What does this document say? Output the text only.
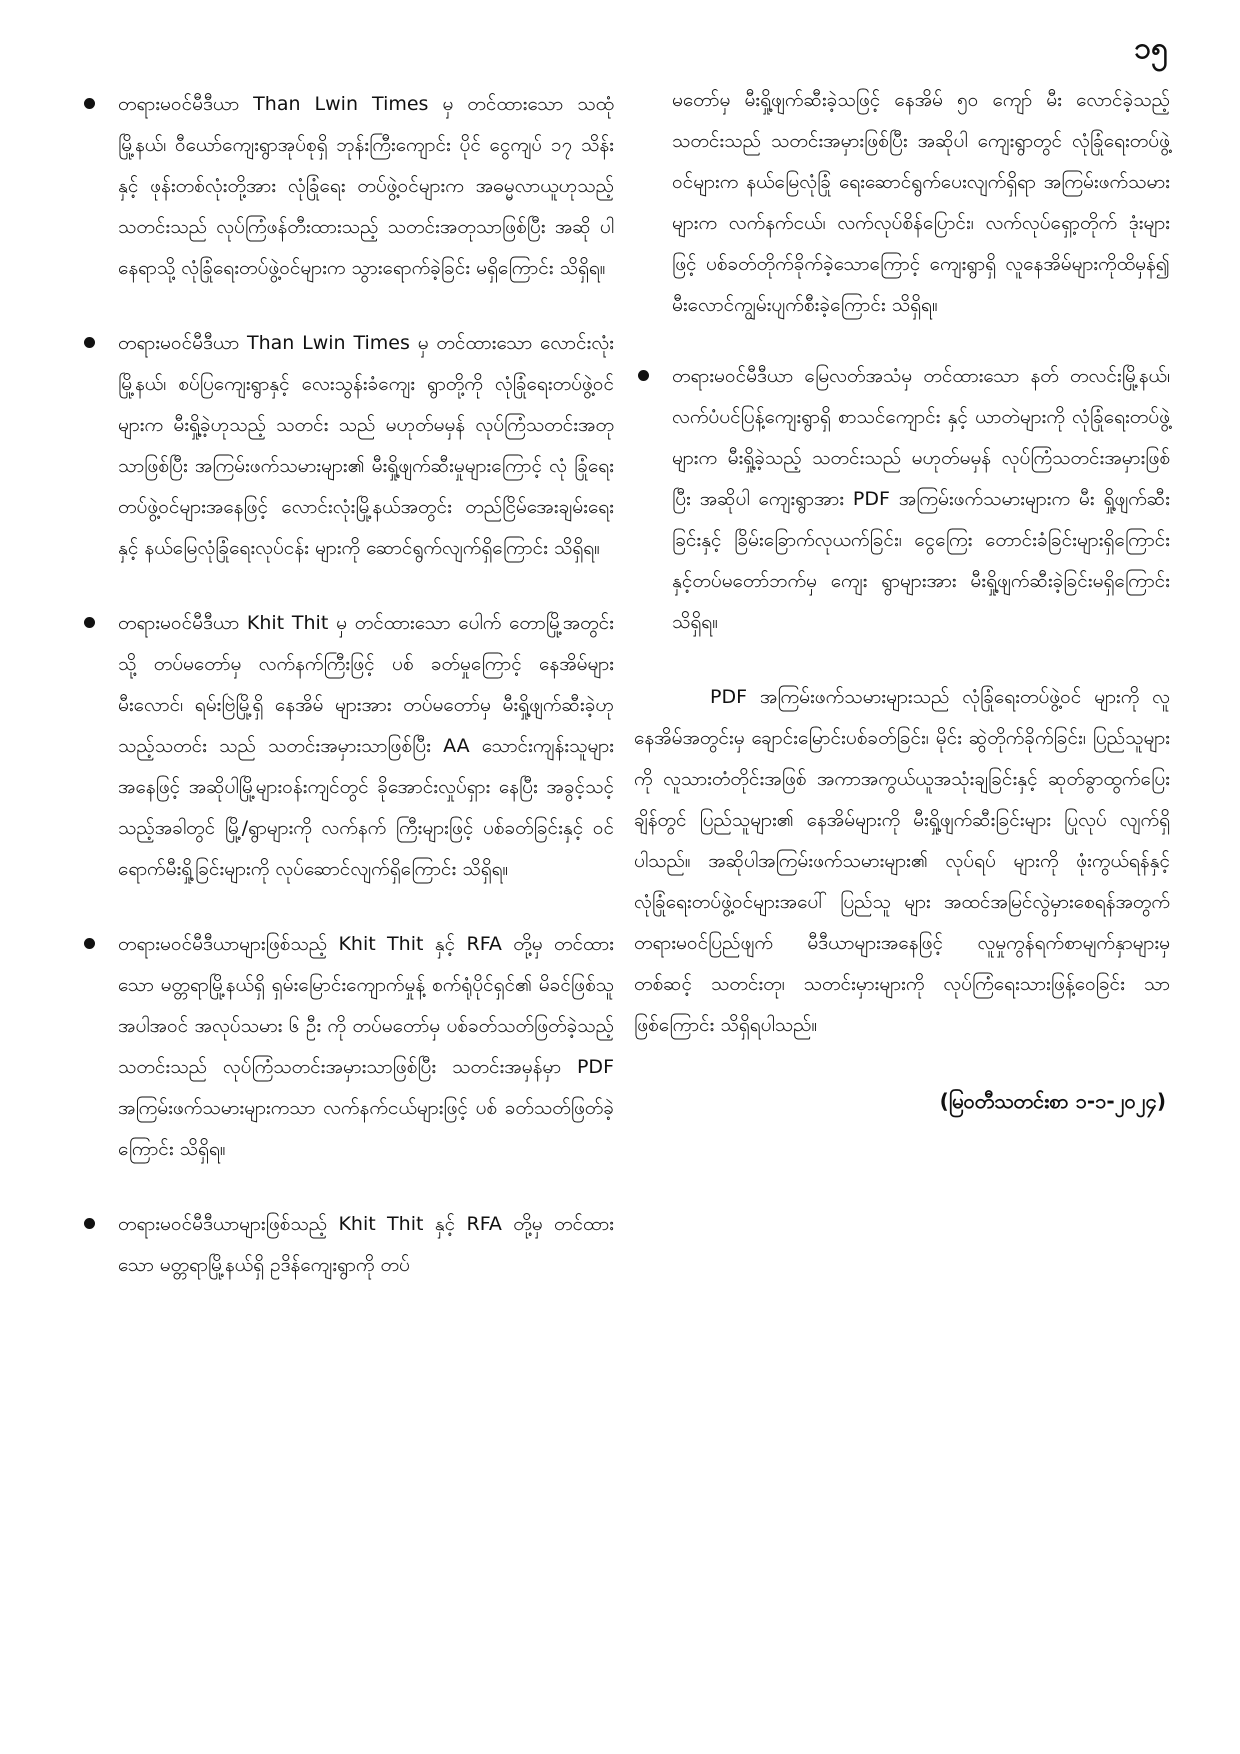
၁၅

တရားမဝင်မီဒီယာ Than Lwin Times မှ တင်ထားသော သထုံမြို့နယ်၊ ဝီယော်ကျေးရွာအုပ်စုရှိ ဘုန်းကြီးကျောင်း ပိုင် ငွေကျပ် ၁၇ သိန်းနှင့် ဖုန်းတစ်လုံးတို့အား လုံခြုံရေး တပ်ဖွဲ့ဝင်များက အဓမ္မလာယူဟုသည့် သတင်းသည် လုပ်ကြံဖန်တီးထားသည့် သတင်းအတုသာဖြစ်ပြီး အဆို ပါနေရာသို့ လုံခြုံရေးတပ်ဖွဲ့ဝင်များက သွားရောက်ခဲ့ခြင်း မရှိကြောင်း သိရှိရ။

တရားမဝင်မီဒီယာ Than Lwin Times မှ တင်ထားသော လောင်းလုံးမြို့နယ်၊ စပ်ပြကျေးရွာနှင့် လေးသွန်းခံကျေး ရွာတို့ကို လုံခြုံရေးတပ်ဖွဲ့ဝင်များက မီးရှို့ခဲ့ဟုသည့် သတင်း သည် မဟုတ်မမှန် လုပ်ကြံသတင်းအတုသာဖြစ်ပြီး အကြမ်းဖက်သမားများ၏ မီးရှို့ဖျက်ဆီးမှုများကြောင့် လုံ ခြုံရေးတပ်ဖွဲ့ဝင်များအနေဖြင့် လောင်းလုံးမြို့နယ်အတွင်း တည်ငြိမ်အေးချမ်းရေးနှင့် နယ်မြေလုံခြုံရေးလုပ်ငန်း များကို ဆောင်ရွက်လျက်ရှိကြောင်း သိရှိရ။

တရားမဝင်မီဒီယာ Khit Thit မှ တင်ထားသော ပေါက် တောမြို့အတွင်းသို့ တပ်မတော်မှ လက်နက်ကြီးဖြင့် ပစ် ခတ်မှုကြောင့် နေအိမ်များမီးလောင်၊ ရမ်းဗြဲမြို့ရှိ နေအိမ် များအား တပ်မတော်မှ မီးရှို့ဖျက်ဆီးခဲ့ဟုသည့်သတင်း သည် သတင်းအမှားသာဖြစ်ပြီး AA သောင်းကျန်းသူများ အနေဖြင့် အဆိုပါမြို့များဝန်းကျင်တွင် ခိုအောင်းလှုပ်ရှား နေပြီး အခွင့်သင့်သည့်အခါတွင် မြို့/ရွာများကို လက်နက် ကြီးများဖြင့် ပစ်ခတ်ခြင်းနှင့် ဝင်ရောက်မီးရှို့ခြင်းများကို လုပ်ဆောင်လျက်ရှိကြောင်း သိရှိရ။

တရားမဝင်မီဒီယာများဖြစ်သည့် Khit Thit နှင့် RFA တို့မှ တင်ထားသော မတ္တရာမြို့နယ်ရှိ ရှမ်းမြောင်းကျောက်မှုန့် စက်ရုံပိုင်ရှင်၏ မိခင်ဖြစ်သူအပါအဝင် အလုပ်သမား ၆ ဦး ကို တပ်မတော်မှ ပစ်ခတ်သတ်ဖြတ်ခဲ့သည့်သတင်းသည် လုပ်ကြံသတင်းအမှားသာဖြစ်ပြီး သတင်းအမှန်မှာ PDF အကြမ်းဖက်သမားများကသာ လက်နက်ငယ်များဖြင့် ပစ် ခတ်သတ်ဖြတ်ခဲ့ကြောင်း သိရှိရ။

တရားမဝင်မီဒီယာများဖြစ်သည့် Khit Thit နှင့် RFA တို့မှ တင်ထားသော မတ္တရာမြို့နယ်ရှိ ဥဒိန်ကျေးရွာကို တပ်

မတော်မှ မီးရှို့ဖျက်ဆီးခဲ့သဖြင့် နေအိမ် ၅၀ ကျော် မီး လောင်ခဲ့သည့်သတင်းသည် သတင်းအမှားဖြစ်ပြီး အဆိုပါ ကျေးရွာတွင် လုံခြုံရေးတပ်ဖွဲ့ဝင်များက နယ်မြေလုံခြုံ ရေးဆောင်ရွက်ပေးလျက်ရှိရာ အကြမ်းဖက်သမားများက လက်နက်ငယ်၊ လက်လုပ်စိန်ပြောင်း၊ လက်လုပ်ရှော့တိုက် ဒုံးများဖြင့် ပစ်ခတ်တိုက်ခိုက်ခဲ့သောကြောင့် ကျေးရွာရှိ လူနေအိမ်များကိုထိမှန်၍ မီးလောင်ကျွမ်းပျက်စီးခဲ့ကြောင်း သိရှိရ။

တရားမဝင်မီဒီယာ မြေလတ်အသံမှ တင်ထားသော နတ် တလင်းမြို့နယ်၊ လက်ပံပင်ပြန့်ကျေးရွာရှိ စာသင်ကျောင်း နှင့် ယာတဲများကို လုံခြုံရေးတပ်ဖွဲ့များက မီးရှို့ခဲ့သည့် သတင်းသည် မဟုတ်မမှန် လုပ်ကြံသတင်းအမှားဖြစ်ပြီး အဆိုပါ ကျေးရွာအား PDF အကြမ်းဖက်သမားများက မီး ရှို့ဖျက်ဆီးခြင်းနှင့် ခြိမ်းခြောက်လုယက်ခြင်း၊ ငွေကြေး တောင်းခံခြင်းများရှိကြောင်းနှင့်တပ်မတော်ဘက်မှ ကျေး ရွာများအား မီးရှို့ဖျက်ဆီးခဲ့ခြင်းမရှိကြောင်း သိရှိရ။

PDF အကြမ်းဖက်သမားများသည် လုံခြုံရေးတပ်ဖွဲ့ဝင် များကို လူနေအိမ်အတွင်းမှ ချောင်းမြောင်းပစ်ခတ်ခြင်း၊ မိုင်း ဆွဲတိုက်ခိုက်ခြင်း၊ ပြည်သူများကို လူသားတံတိုင်းအဖြစ် အကာအကွယ်ယူအသုံးချခြင်းနှင့် ဆုတ်ခွာထွက်ပြေးချိန်တွင် ပြည်သူများ၏ နေအိမ်များကို မီးရှို့ဖျက်ဆီးခြင်းများ ပြုလုပ် လျက်ရှိပါသည်။ အဆိုပါအကြမ်းဖက်သမားများ၏ လုပ်ရပ် များကို ဖုံးကွယ်ရန်နှင့် လုံခြုံရေးတပ်ဖွဲ့ဝင်များအပေါ် ပြည်သူ များ အထင်အမြင်လွဲမှားစေရန်အတွက် တရားမဝင်ပြည်ဖျက် မီဒီယာများအနေဖြင့် လူမှုကွန်ရက်စာမျက်နှာများမှတစ်ဆင့် သတင်းတု၊ သတင်းမှားများကို လုပ်ကြံရေးသားဖြန့်ဝေခြင်း သာဖြစ်ကြောင်း သိရှိရပါသည်။

(မြဝတီသတင်းစာ ၁-၁-၂၀၂၄)
